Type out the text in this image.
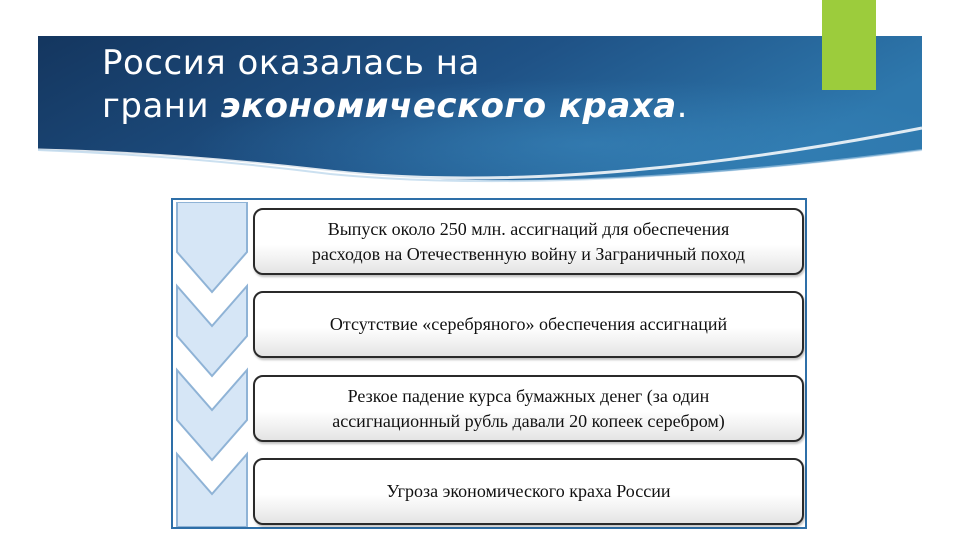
Россия оказалась на
грани экономического краха.
Выпуск около 250 млн. ассигнаций для обеспечения
расходов на Отечественную войну и Заграничный поход
Отсутствие «серебряного» обеспечения ассигнаций
Резкое падение курса бумажных денег (за один
ассигнационный рубль давали 20 копеек серебром)
Угроза экономического краха России
